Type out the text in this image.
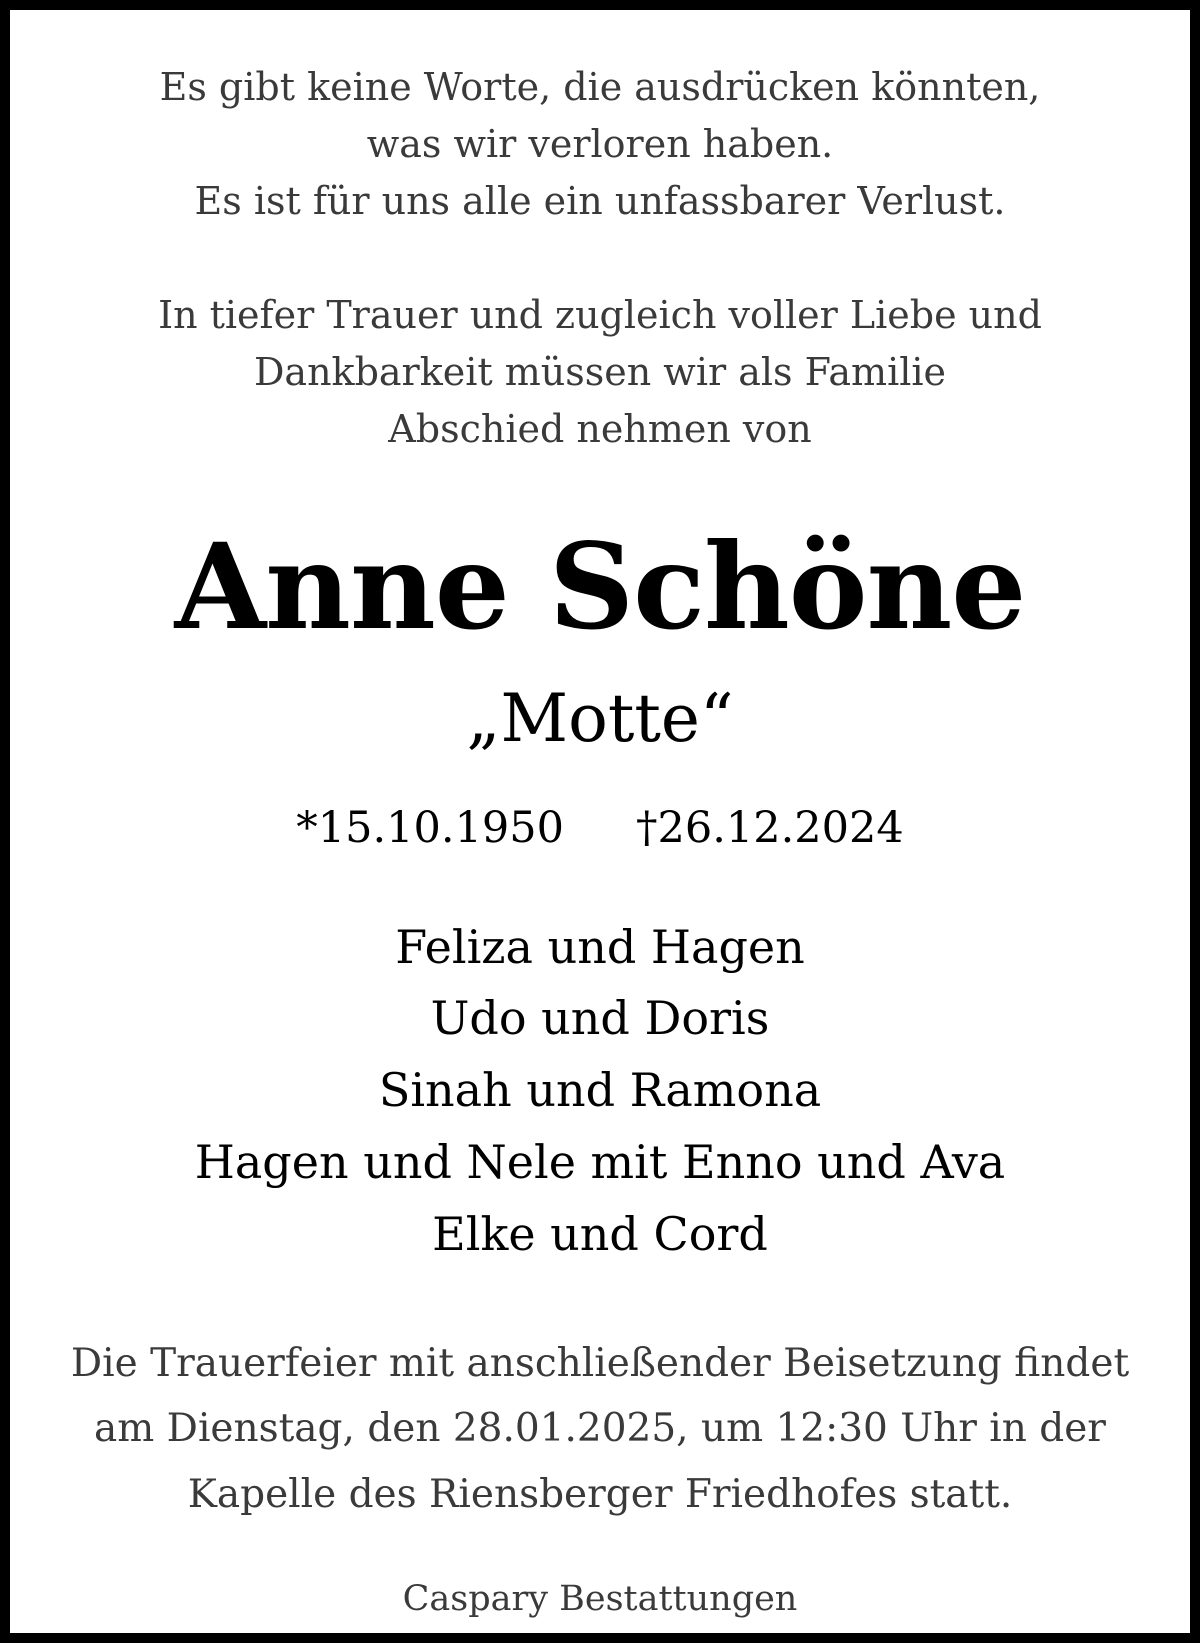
Es gibt keine Worte, die ausdrücken könnten,
was wir verloren haben.
Es ist für uns alle ein unfassbarer Verlust.
In tiefer Trauer und zugleich voller Liebe und
Dankbarkeit müssen wir als Familie
Abschied nehmen von
Anne Schöne
„Motte“
*15.10.1950 †26.12.2024
Feliza und Hagen
Udo und Doris
Sinah und Ramona
Hagen und Nele mit Enno und Ava
Elke und Cord
Die Trauerfeier mit anschließender Beisetzung findet
am Dienstag, den 28.01.2025, um 12:30 Uhr in der
Kapelle des Riensberger Friedhofes statt.
Caspary Bestattungen
